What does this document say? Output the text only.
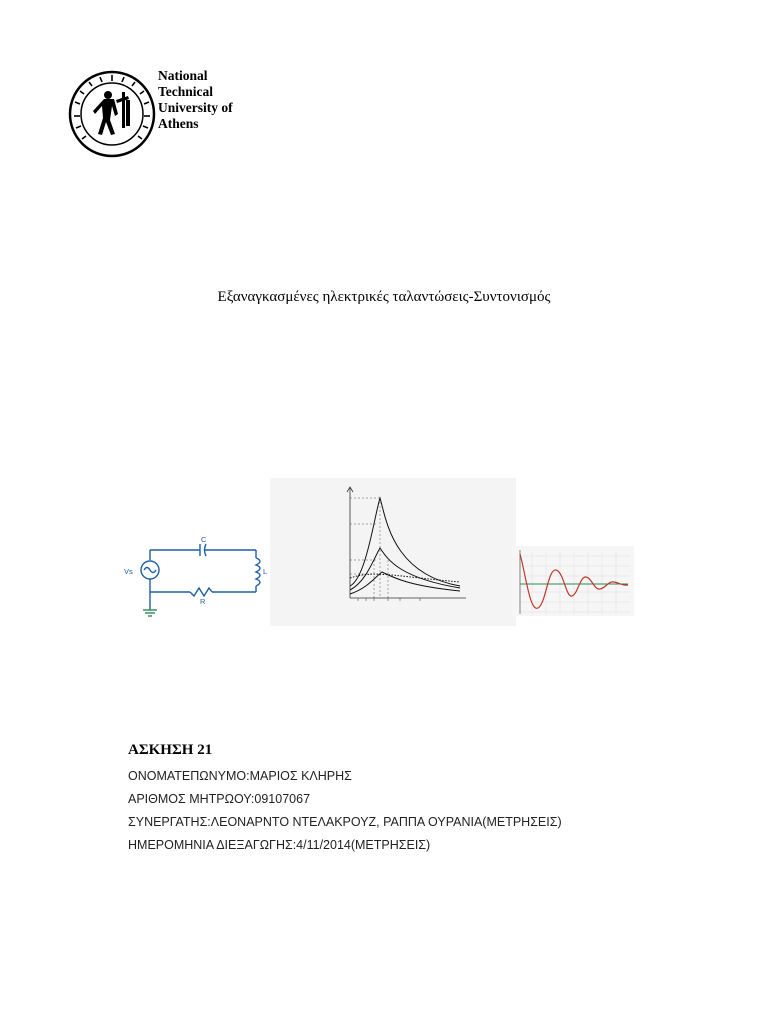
National
Technical
University of
Athens
Εξαναγκασμένες ηλεκτρικές ταλαντώσεις-Συντονισμός
Vs
C
L
R
ΑΣΚΗΣΗ 21
ΟΝΟΜΑΤΕΠΩΝΥΜΟ:ΜΑΡΙΟΣ ΚΛΗΡΗΣ
ΑΡΙΘΜΟΣ ΜΗΤΡΩΟΥ:09107067
ΣΥΝΕΡΓΑΤΗΣ:ΛΕΟΝΑΡΝΤΟ ΝΤΕΛΑΚΡΟΥΖ, ΡΑΠΠΑ ΟΥΡΑΝΙΑ(ΜΕΤΡΗΣΕΙΣ)
ΗΜΕΡΟΜΗΝΙΑ ΔΙΕΞΑΓΩΓΗΣ:4/11/2014(ΜΕΤΡΗΣΕΙΣ)
